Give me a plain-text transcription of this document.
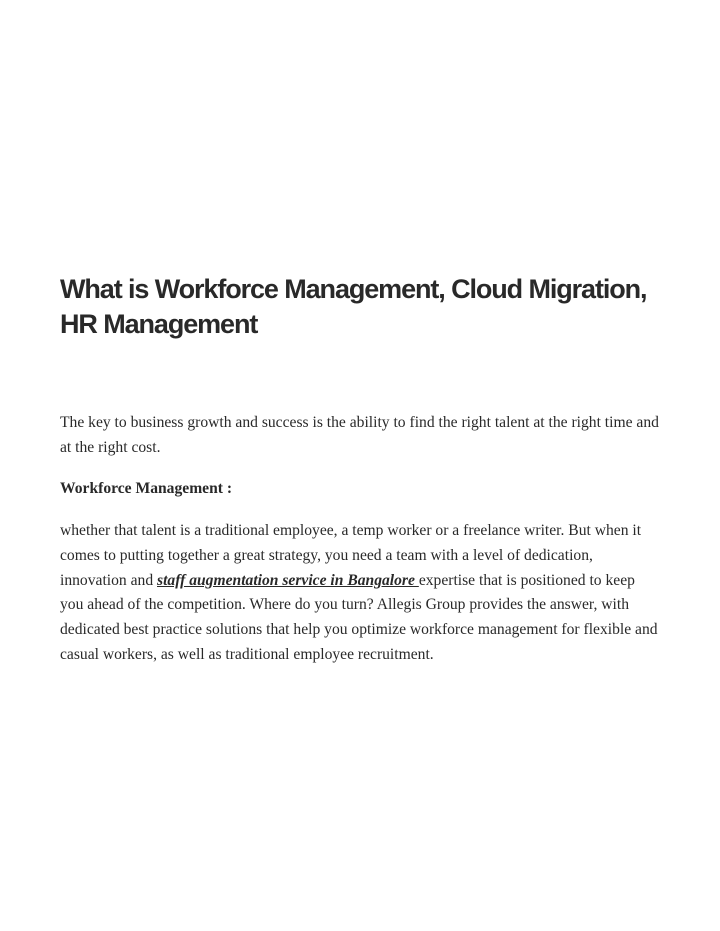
What is Workforce Management, Cloud Migration, HR Management

The key to business growth and success is the ability to find the right talent at the right time and at the right cost.

Workforce Management :

whether that talent is a traditional employee, a temp worker or a freelance writer. But when it comes to putting together a great strategy, you need a team with a level of dedication, innovation and staff augmentation service in Bangalore expertise that is positioned to keep you ahead of the competition. Where do you turn? Allegis Group provides the answer, with dedicated best practice solutions that help you optimize workforce management for flexible and casual workers, as well as traditional employee recruitment.
